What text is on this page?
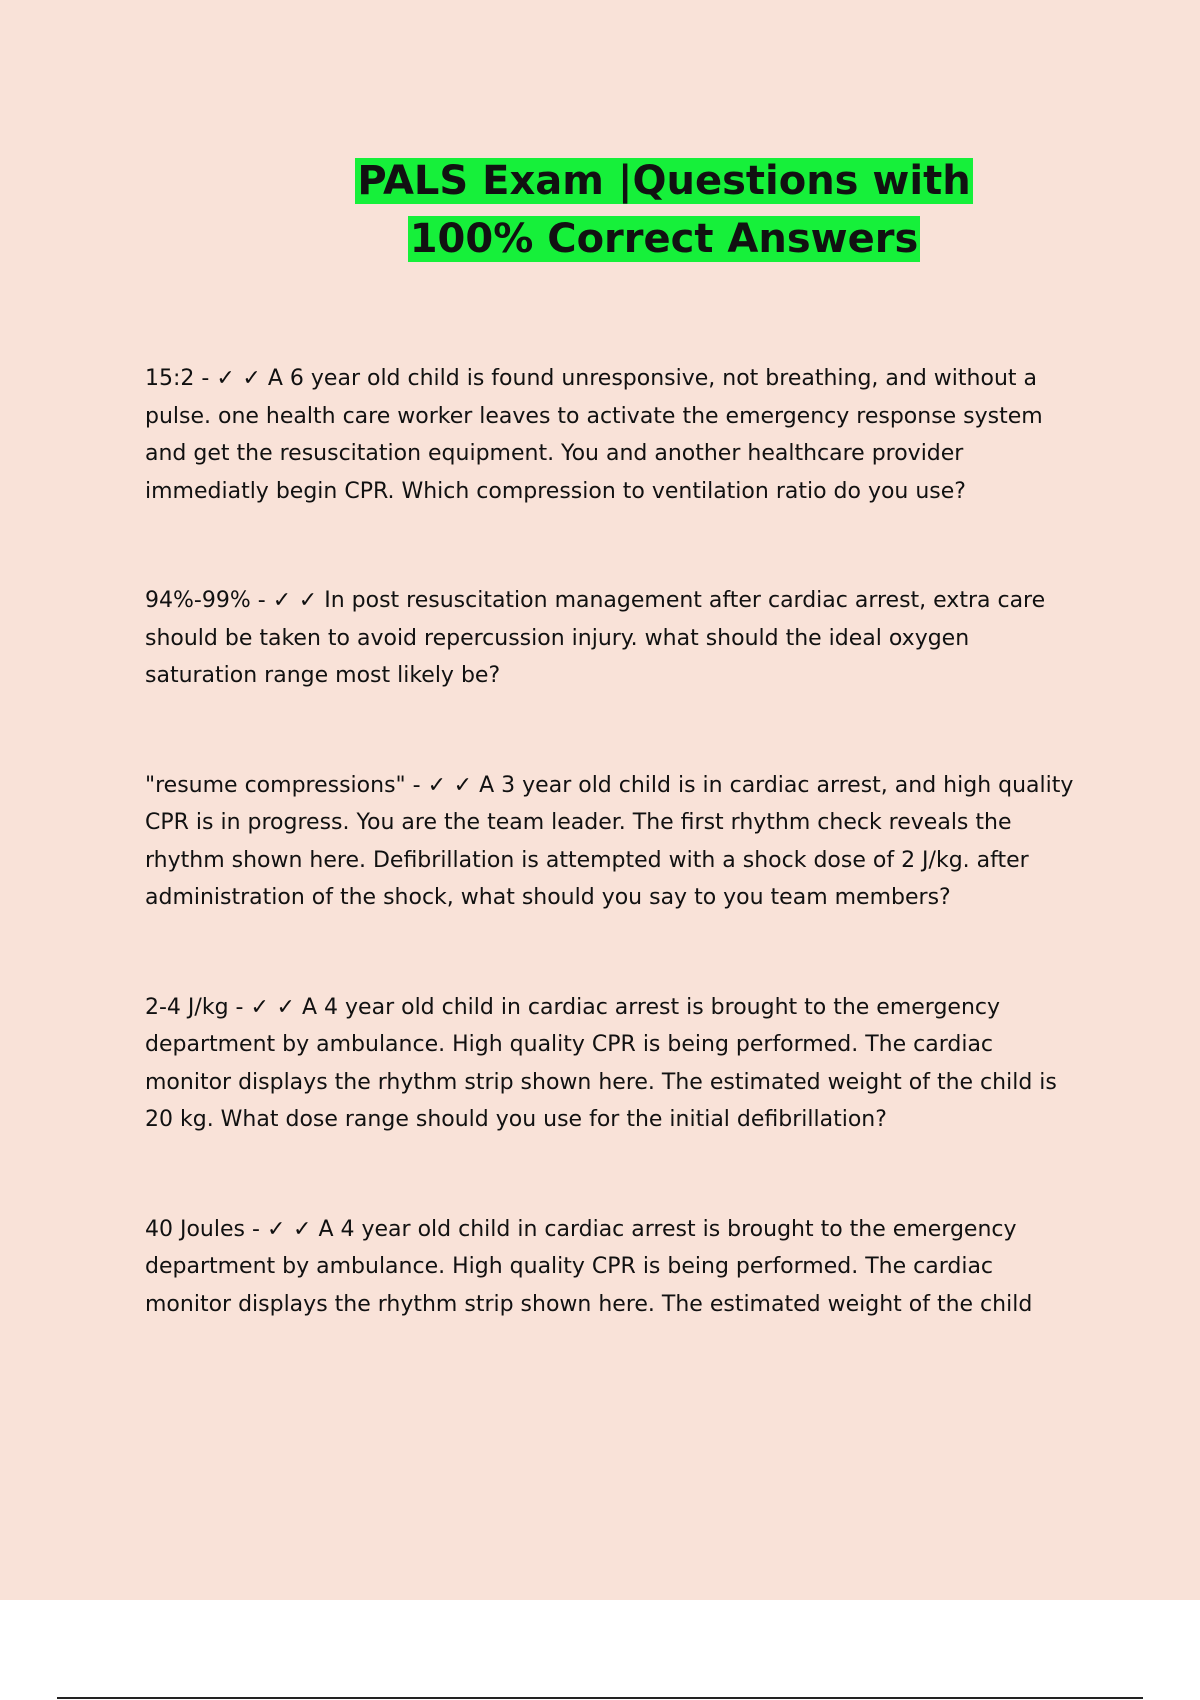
PALS Exam |Questions with 100% Correct Answers
15:2 - ✓ ✓ A 6 year old child is found unresponsive, not breathing, and without a pulse. one health care worker leaves to activate the emergency response system and get the resuscitation equipment. You and another healthcare provider immediatly begin CPR. Which compression to ventilation ratio do you use?
94%-99% - ✓ ✓ In post resuscitation management after cardiac arrest, extra care should be taken to avoid repercussion injury. what should the ideal oxygen saturation range most likely be?
"resume compressions" - ✓ ✓ A 3 year old child is in cardiac arrest, and high quality CPR is in progress. You are the team leader. The first rhythm check reveals the rhythm shown here. Defibrillation is attempted with a shock dose of 2 J/kg. after administration of the shock, what should you say to you team members?
2-4 J/kg - ✓ ✓ A 4 year old child in cardiac arrest is brought to the emergency department by ambulance. High quality CPR is being performed. The cardiac monitor displays the rhythm strip shown here. The estimated weight of the child is 20 kg. What dose range should you use for the initial defibrillation?
40 Joules - ✓ ✓ A 4 year old child in cardiac arrest is brought to the emergency department by ambulance. High quality CPR is being performed. The cardiac monitor displays the rhythm strip shown here. The estimated weight of the child
